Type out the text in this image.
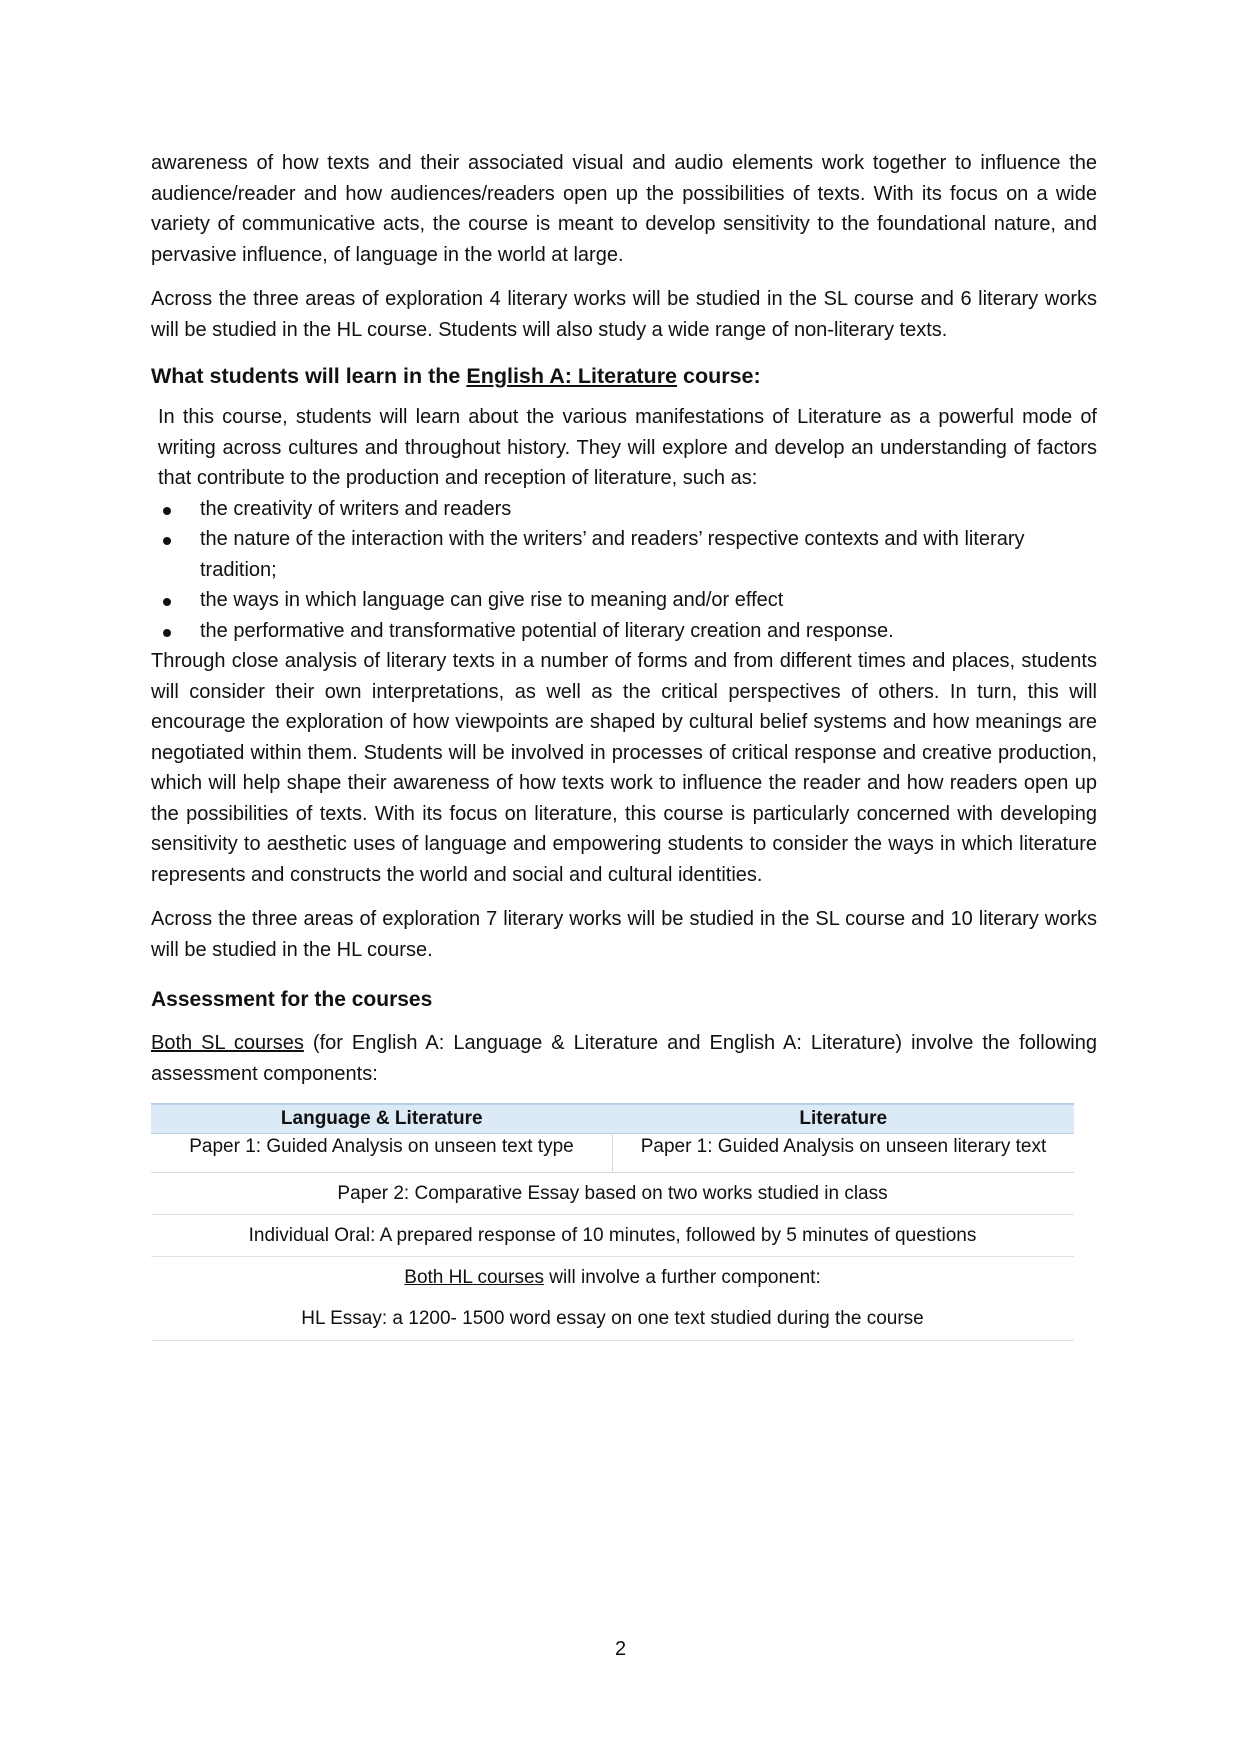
awareness of how texts and their associated visual and audio elements work together to influence the audience/reader and how audiences/readers open up the possibilities of texts. With its focus on a wide variety of communicative acts, the course is meant to develop sensitivity to the foundational nature, and pervasive influence, of language in the world at large.

Across the three areas of exploration 4 literary works will be studied in the SL course and 6 literary works will be studied in the HL course. Students will also study a wide range of non-literary texts.

What students will learn in the English A: Literature course:

In this course, students will learn about the various manifestations of Literature as a powerful mode of writing across cultures and throughout history. They will explore and develop an understanding of factors that contribute to the production and reception of literature, such as:

the creativity of writers and readers
the nature of the interaction with the writers’ and readers’ respective contexts and with literary tradition;
the ways in which language can give rise to meaning and/or effect
the performative and transformative potential of literary creation and response.

Through close analysis of literary texts in a number of forms and from different times and places, students will consider their own interpretations, as well as the critical perspectives of others. In turn, this will encourage the exploration of how viewpoints are shaped by cultural belief systems and how meanings are negotiated within them. Students will be involved in processes of critical response and creative production, which will help shape their awareness of how texts work to influence the reader and how readers open up the possibilities of texts. With its focus on literature, this course is particularly concerned with developing sensitivity to aesthetic uses of language and empowering students to consider the ways in which literature represents and constructs the world and social and cultural identities.

Across the three areas of exploration 7 literary works will be studied in the SL course and 10 literary works will be studied in the HL course.

Assessment for the courses

Both SL courses (for English A: Language & Literature and English A: Literature) involve the following assessment components:

Language & Literature	Literature
Paper 1: Guided Analysis on unseen text type	Paper 1: Guided Analysis on unseen literary text
Paper 2: Comparative Essay based on two works studied in class	
Individual Oral: A prepared response of 10 minutes, followed by 5 minutes of questions	
Both HL courses will involve a further component:	
HL Essay: a 1200- 1500 word essay on one text studied during the course	
2
